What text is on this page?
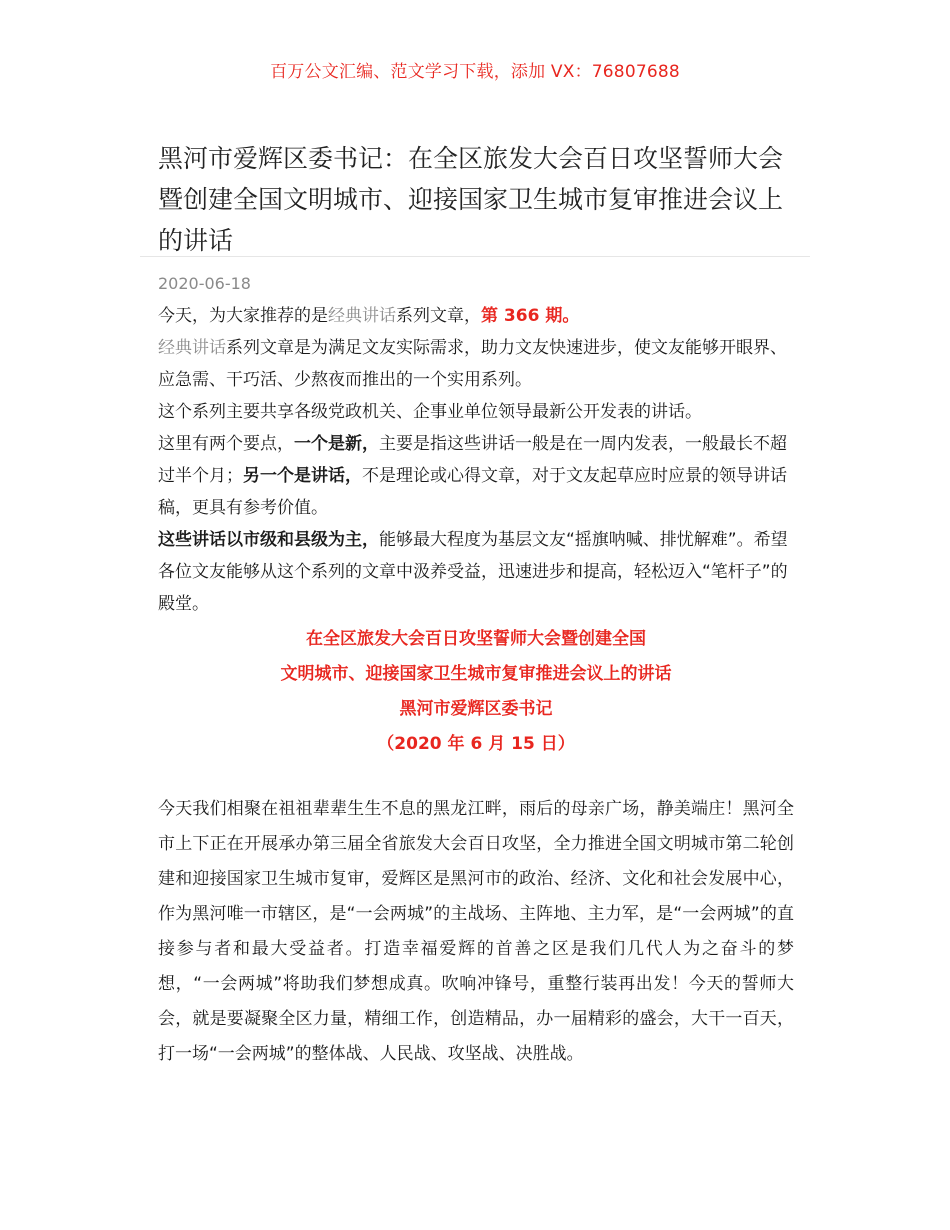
百万公文汇编、范文学习下载，添加 VX：76807688
黑河市爱辉区委书记：在全区旅发大会百日攻坚誓师大会暨创建全国文明城市、迎接国家卫生城市复审推进会议上的讲话
2020-06-18

今天，为大家推荐的是经典讲话系列文章，第 366 期。

经典讲话系列文章是为满足文友实际需求，助力文友快速进步，使文友能够开眼界、应急需、干巧活、少熬夜而推出的一个实用系列。

这个系列主要共享各级党政机关、企事业单位领导最新公开发表的讲话。

这里有两个要点，一个是新，主要是指这些讲话一般是在一周内发表，一般最长不超过半个月；另一个是讲话，不是理论或心得文章，对于文友起草应时应景的领导讲话稿，更具有参考价值。

这些讲话以市级和县级为主，能够最大程度为基层文友“摇旗呐喊、排忧解难”。希望各位文友能够从这个系列的文章中汲养受益，迅速进步和提高，轻松迈入“笔杆子”的殿堂。

在全区旅发大会百日攻坚誓师大会暨创建全国
文明城市、迎接国家卫生城市复审推进会议上的讲话
黑河市爱辉区委书记
（2020 年 6 月 15 日）

今天我们相聚在祖祖辈辈生生不息的黑龙江畔，雨后的母亲广场，静美端庄！黑河全市上下正在开展承办第三届全省旅发大会百日攻坚，全力推进全国文明城市第二轮创建和迎接国家卫生城市复审，爱辉区是黑河市的政治、经济、文化和社会发展中心，作为黑河唯一市辖区，是“一会两城”的主战场、主阵地、主力军，是“一会两城”的直接参与者和最大受益者。打造幸福爱辉的首善之区是我们几代人为之奋斗的梦想，“一会两城”将助我们梦想成真。吹响冲锋号，重整行装再出发！今天的誓师大会，就是要凝聚全区力量，精细工作，创造精品，办一届精彩的盛会，大干一百天，打一场“一会两城”的整体战、人民战、攻坚战、决胜战。
